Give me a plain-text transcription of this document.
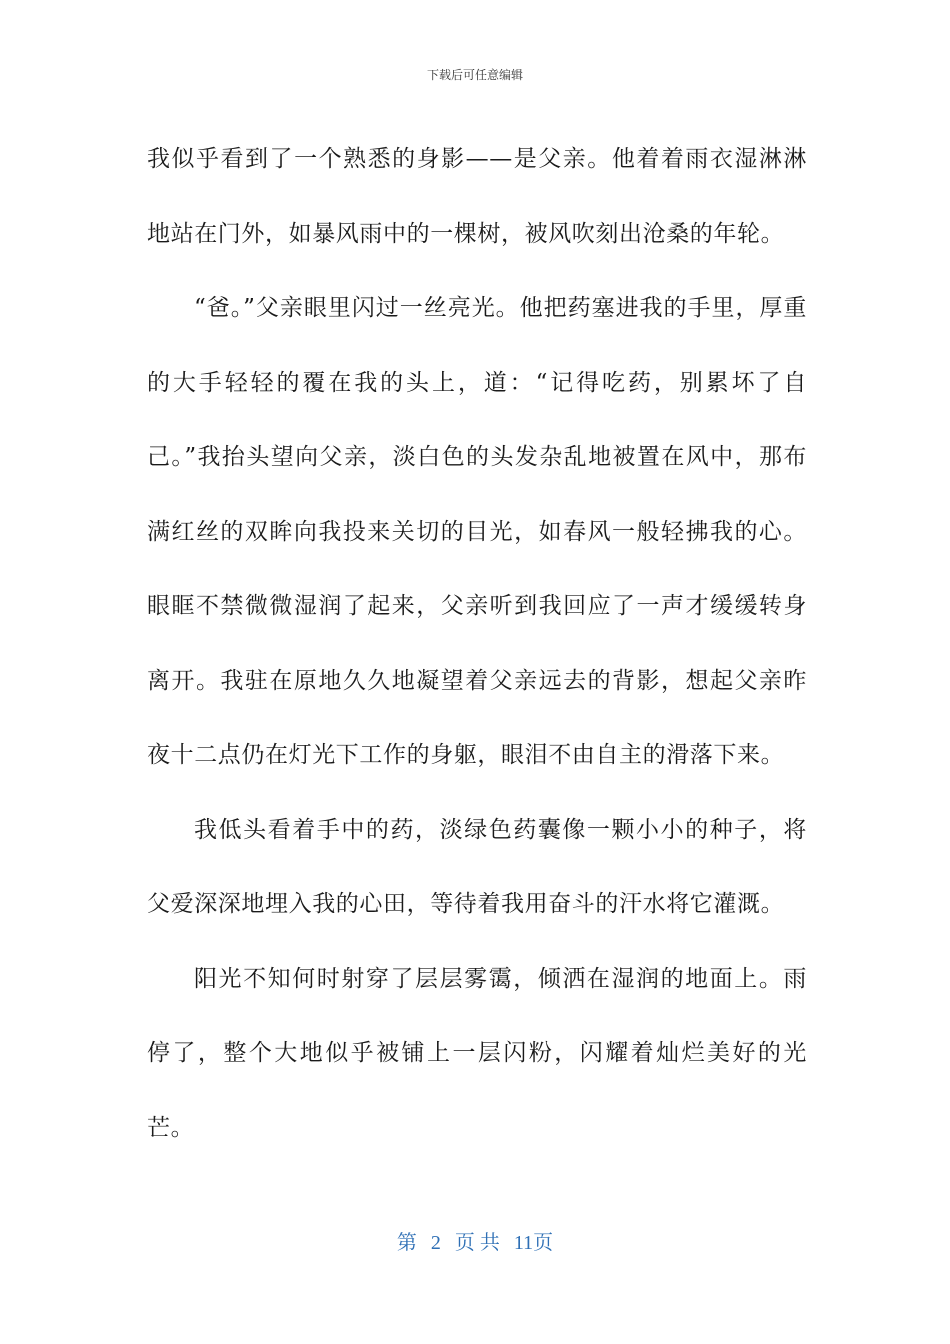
下载后可任意编辑

我似乎看到了一个熟悉的身影——是父亲。他着着雨衣湿淋淋地站在门外，如暴风雨中的一棵树，被风吹刻出沧桑的年轮。

“爸。”父亲眼里闪过一丝亮光。他把药塞进我的手里，厚重的大手轻轻的覆在我的头上，道：“记得吃药，别累坏了自己。”我抬头望向父亲，淡白色的头发杂乱地被置在风中，那布满红丝的双眸向我投来关切的目光，如春风一般轻拂我的心。眼眶不禁微微湿润了起来，父亲听到我回应了一声才缓缓转身离开。我驻在原地久久地凝望着父亲远去的背影，想起父亲昨夜十二点仍在灯光下工作的身躯，眼泪不由自主的滑落下来。

我低头看着手中的药，淡绿色药囊像一颗小小的种子，将父爱深深地埋入我的心田，等待着我用奋斗的汗水将它灌溉。

阳光不知何时射穿了层层雾霭，倾洒在湿润的地面上。雨停了，整个大地似乎被铺上一层闪粉，闪耀着灿烂美好的光芒。

第 2 页 共 11页
